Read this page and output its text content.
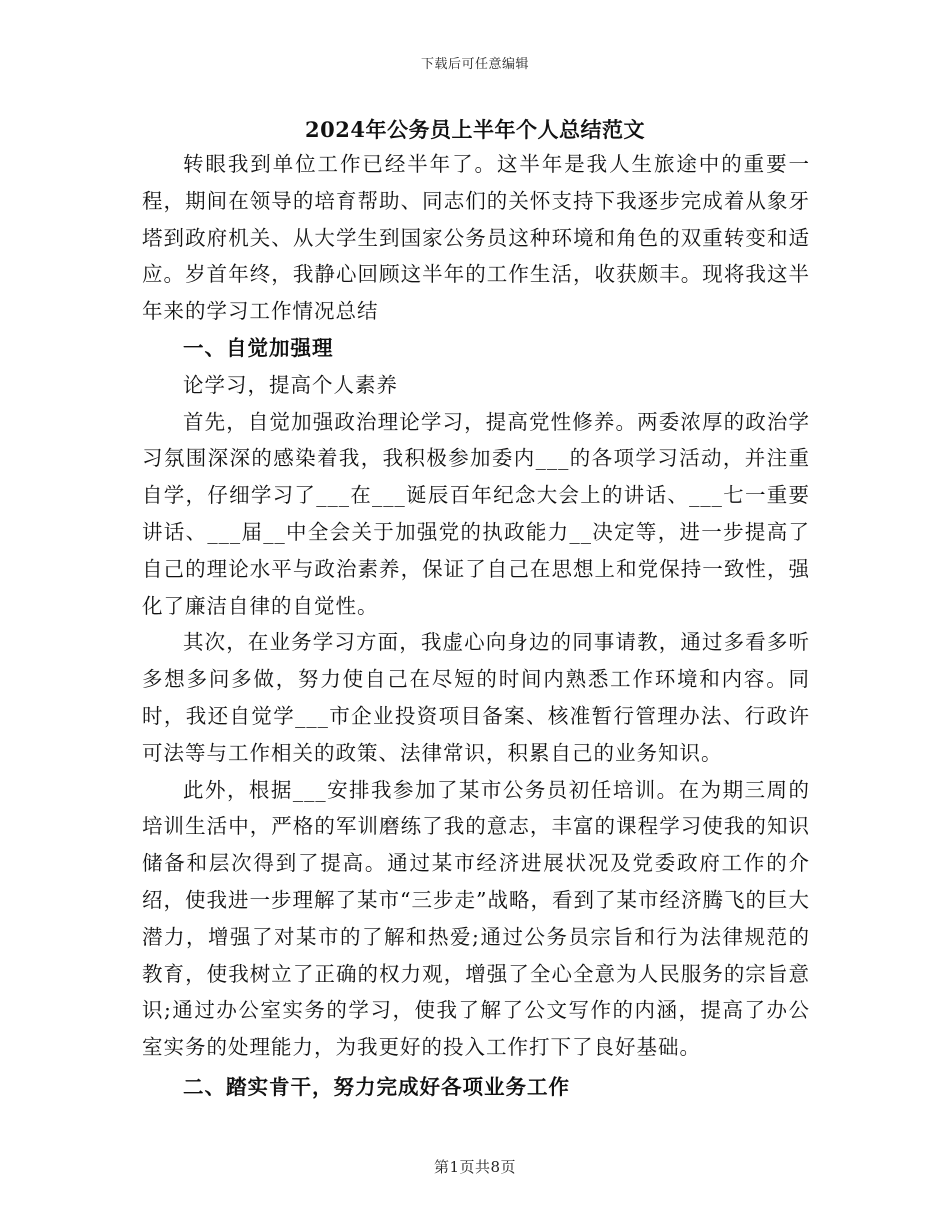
下载后可任意编辑
2024年公务员上半年个人总结范文

转眼我到单位工作已经半年了。这半年是我人生旅途中的重要一程，期间在领导的培育帮助、同志们的关怀支持下我逐步完成着从象牙塔到政府机关、从大学生到国家公务员这种环境和角色的双重转变和适应。岁首年终，我静心回顾这半年的工作生活，收获颇丰。现将我这半年来的学习工作情况总结

一、自觉加强理

论学习，提高个人素养

首先，自觉加强政治理论学习，提高党性修养。两委浓厚的政治学习氛围深深的感染着我，我积极参加委内___的各项学习活动，并注重自学，仔细学习了___在___诞辰百年纪念大会上的讲话、___七一重要讲话、___届__中全会关于加强党的执政能力__决定等，进一步提高了自己的理论水平与政治素养，保证了自己在思想上和党保持一致性，强化了廉洁自律的自觉性。

其次，在业务学习方面，我虚心向身边的同事请教，通过多看多听多想多问多做，努力使自己在尽短的时间内熟悉工作环境和内容。同时，我还自觉学___市企业投资项目备案、核准暂行管理办法、行政许可法等与工作相关的政策、法律常识，积累自己的业务知识。

此外，根据___安排我参加了某市公务员初任培训。在为期三周的培训生活中，严格的军训磨练了我的意志，丰富的课程学习使我的知识储备和层次得到了提高。通过某市经济进展状况及党委政府工作的介绍，使我进一步理解了某市“三步走”战略，看到了某市经济腾飞的巨大潜力，增强了对某市的了解和热爱;通过公务员宗旨和行为法律规范的教育，使我树立了正确的权力观，增强了全心全意为人民服务的宗旨意识;通过办公室实务的学习，使我了解了公文写作的内涵，提高了办公室实务的处理能力，为我更好的投入工作打下了良好基础。

二、踏实肯干，努力完成好各项业务工作

第1页共8页
